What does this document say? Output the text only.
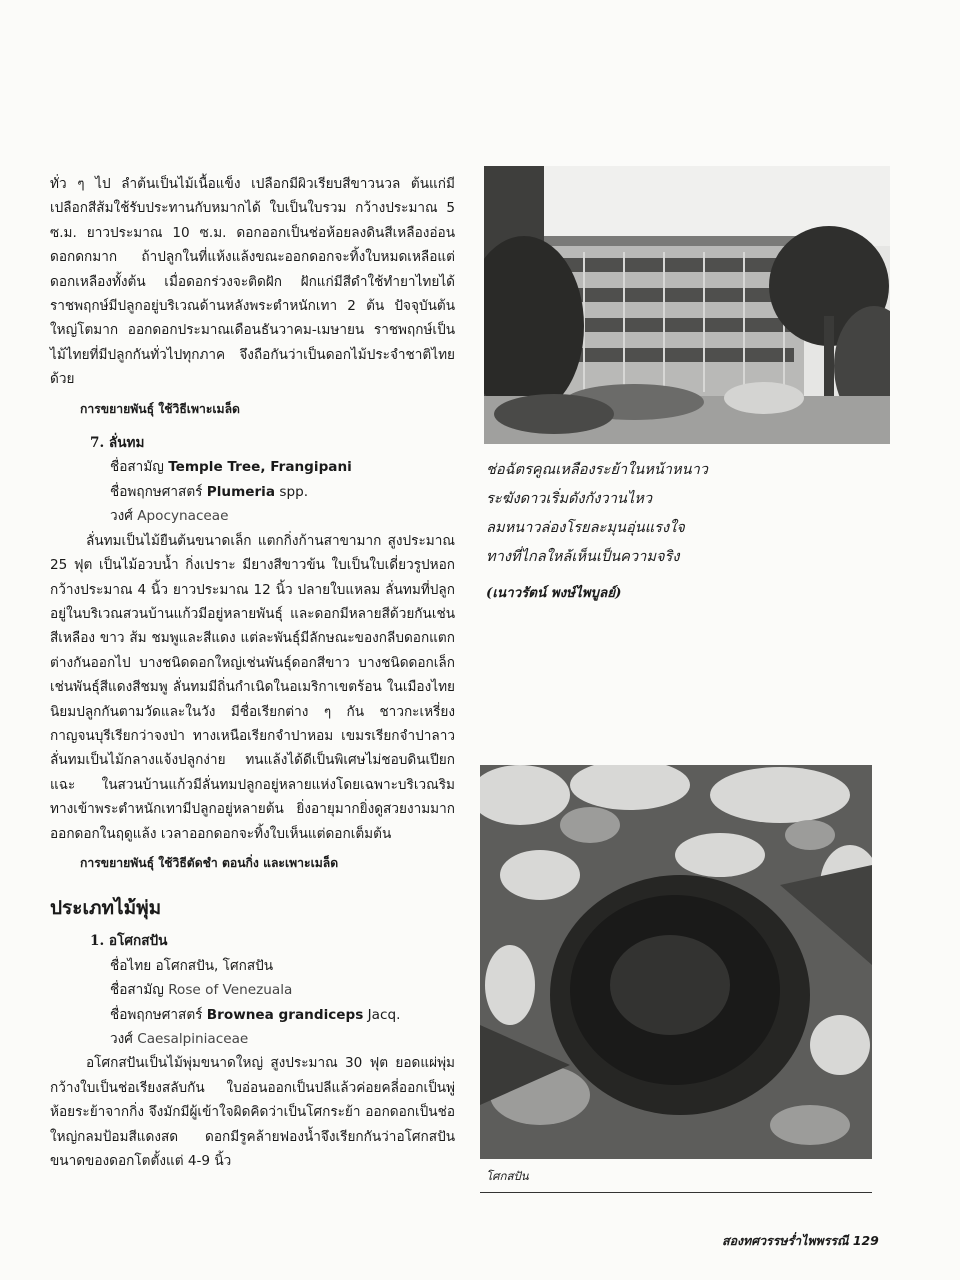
ทั่ว ๆ ไป ลำต้นเป็นไม้เนื้อแข็ง เปลือกมีผิวเรียบสีขาวนวล ต้นแก่มีเปลือกสีส้มใช้รับประทานกับหมากได้ ใบเป็นใบรวม กว้างประมาณ 5 ซ.ม. ยาวประมาณ 10 ซ.ม. ดอกออกเป็นช่อห้อยลงดินสีเหลืองอ่อนดอกดกมาก ถ้าปลูกในที่แห้งแล้งขณะออกดอกจะทิ้งใบหมดเหลือแต่ดอกเหลืองทั้งต้น เมื่อดอกร่วงจะติดฝัก ฝักแก่มีสีดำใช้ทำยาไทยได้ ราชพฤกษ์มีปลูกอยู่บริเวณด้านหลังพระตำหนักเทา 2 ต้น ปัจจุบันต้นใหญ่โตมาก ออกดอกประมาณเดือนธันวาคม-เมษายน ราชพฤกษ์เป็นไม้ไทยที่มีปลูกกันทั่วไปทุกภาค จึงถือกันว่าเป็นดอกไม้ประจำชาติไทยด้วย

การขยายพันธุ์ ใช้วิธีเพาะเมล็ด
7. ลั่นทม
ชื่อสามัญ Temple Tree, Frangipani
ชื่อพฤกษศาสตร์ Plumeria spp.
วงศ์ Apocynaceae

ลั่นทมเป็นไม้ยืนต้นขนาดเล็ก แตกกิ่งก้านสาขามาก สูงประมาณ 25 ฟุต เป็นไม้อวบน้ำ กิ่งเปราะ มียางสีขาวข้น ใบเป็นใบเดี่ยวรูปหอก กว้างประมาณ 4 นิ้ว ยาวประมาณ 12 นิ้ว ปลายใบแหลม ลั่นทมที่ปลูกอยู่ในบริเวณสวนบ้านแก้วมีอยู่หลายพันธุ์ และดอกมีหลายสีด้วยกันเช่น สีเหลือง ขาว ส้ม ชมพูและสีแดง แต่ละพันธุ์มีลักษณะของกลีบดอกแตกต่างกันออกไป บางชนิดดอกใหญ่เช่นพันธุ์ดอกสีขาว บางชนิดดอกเล็กเช่นพันธุ์สีแดงสีชมพู ลั่นทมมีถิ่นกำเนิดในอเมริกาเขตร้อน ในเมืองไทยนิยมปลูกกันตามวัดและในวัง มีชื่อเรียกต่าง ๆ กัน ชาวกะเหรี่ยงกาญจนบุรีเรียกว่าจงป่า ทางเหนือเรียกจำปาหอม เขมรเรียกจำปาลาว ลั่นทมเป็นไม้กลางแจ้งปลูกง่าย ทนแล้งได้ดีเป็นพิเศษไม่ชอบดินเปียกแฉะ ในสวนบ้านแก้วมีลั่นทมปลูกอยู่หลายแห่งโดยเฉพาะบริเวณริมทางเข้าพระตำหนักเทามีปลูกอยู่หลายต้น ยิ่งอายุมากยิ่งดูสวยงามมาก ออกดอกในฤดูแล้ง เวลาออกดอกจะทิ้งใบเห็นแต่ดอกเต็มต้น

การขยายพันธุ์ ใช้วิธีตัดชำ ตอนกิ่ง และเพาะเมล็ด
ประเภทไม้พุ่ม
1. อโศกสปัน
ชื่อไทย อโศกสปัน, โศกสปัน
ชื่อสามัญ Rose of Venezuala
ชื่อพฤกษศาสตร์ Brownea grandiceps Jacq.
วงศ์ Caesalpiniaceae

อโศกสปันเป็นไม้พุ่มขนาดใหญ่ สูงประมาณ 30 ฟุต ยอดแผ่พุ่มกว้างใบเป็นช่อเรียงสลับกัน ใบอ่อนออกเป็นปลีแล้วค่อยคลี่ออกเป็นพู่ห้อยระย้าจากกิ่ง จึงมักมีผู้เข้าใจผิดคิดว่าเป็นโศกระย้า ออกดอกเป็นช่อใหญ่กลมป้อมสีแดงสด ดอกมีรูคล้ายฟองน้ำจึงเรียกกันว่าอโศกสปัน ขนาดของดอกโตตั้งแต่ 4-9 นิ้ว

ช่อฉัตรคูณเหลืองระย้าในหน้าหนาว
ระฆังดาวเริ่มดังกังวานไหว
ลมหนาวล่องโรยละมุนอุ่นแรงใจ
ทางที่ไกลใหล้เห็นเป็นความจริง
(เนาวรัตน์ พงษ์ไพบูลย์)
โศกสปัน
สองทศวรรษร่ำไพพรรณี 129
